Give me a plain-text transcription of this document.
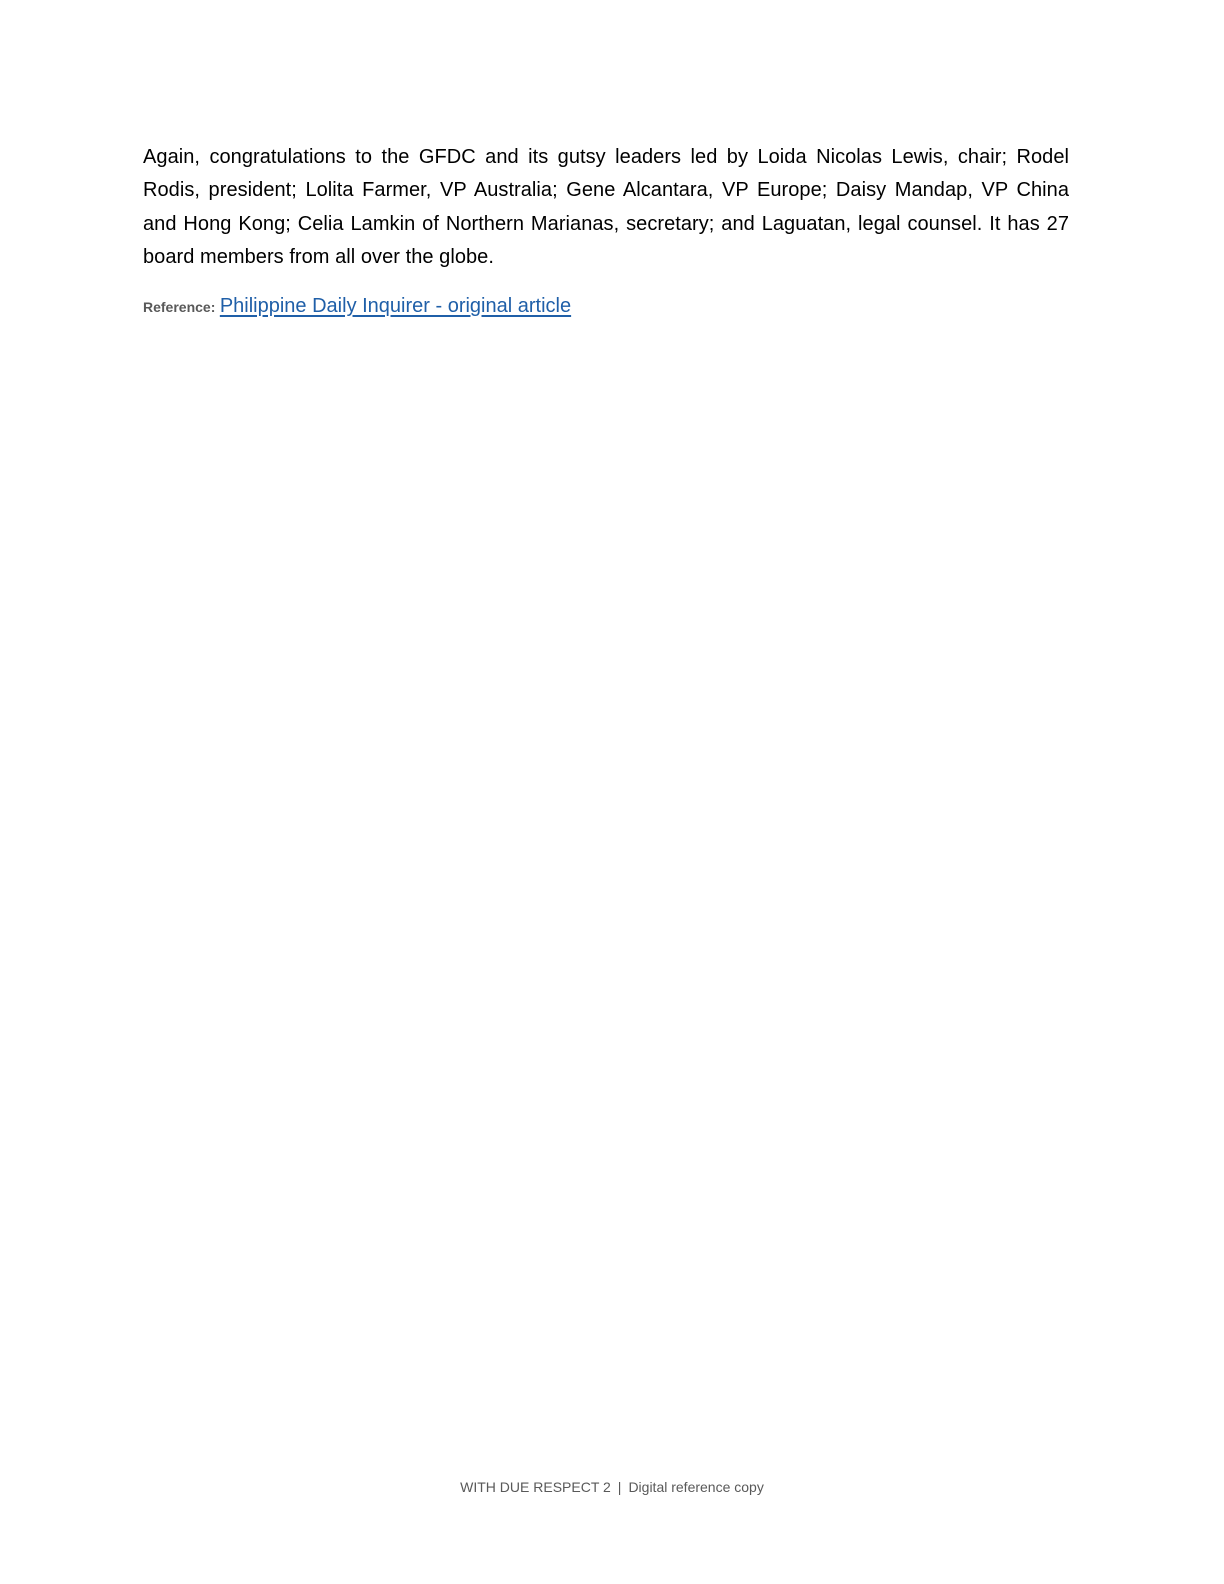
Again, congratulations to the GFDC and its gutsy leaders led by Loida Nicolas Lewis, chair; Rodel Rodis, president; Lolita Farmer, VP Australia; Gene Alcantara, VP Europe; Daisy Mandap, VP China and Hong Kong; Celia Lamkin of Northern Marianas, secretary; and Laguatan, legal counsel. It has 27 board members from all over the globe.

Reference: Philippine Daily Inquirer - original article

WITH DUE RESPECT 2 | Digital reference copy
